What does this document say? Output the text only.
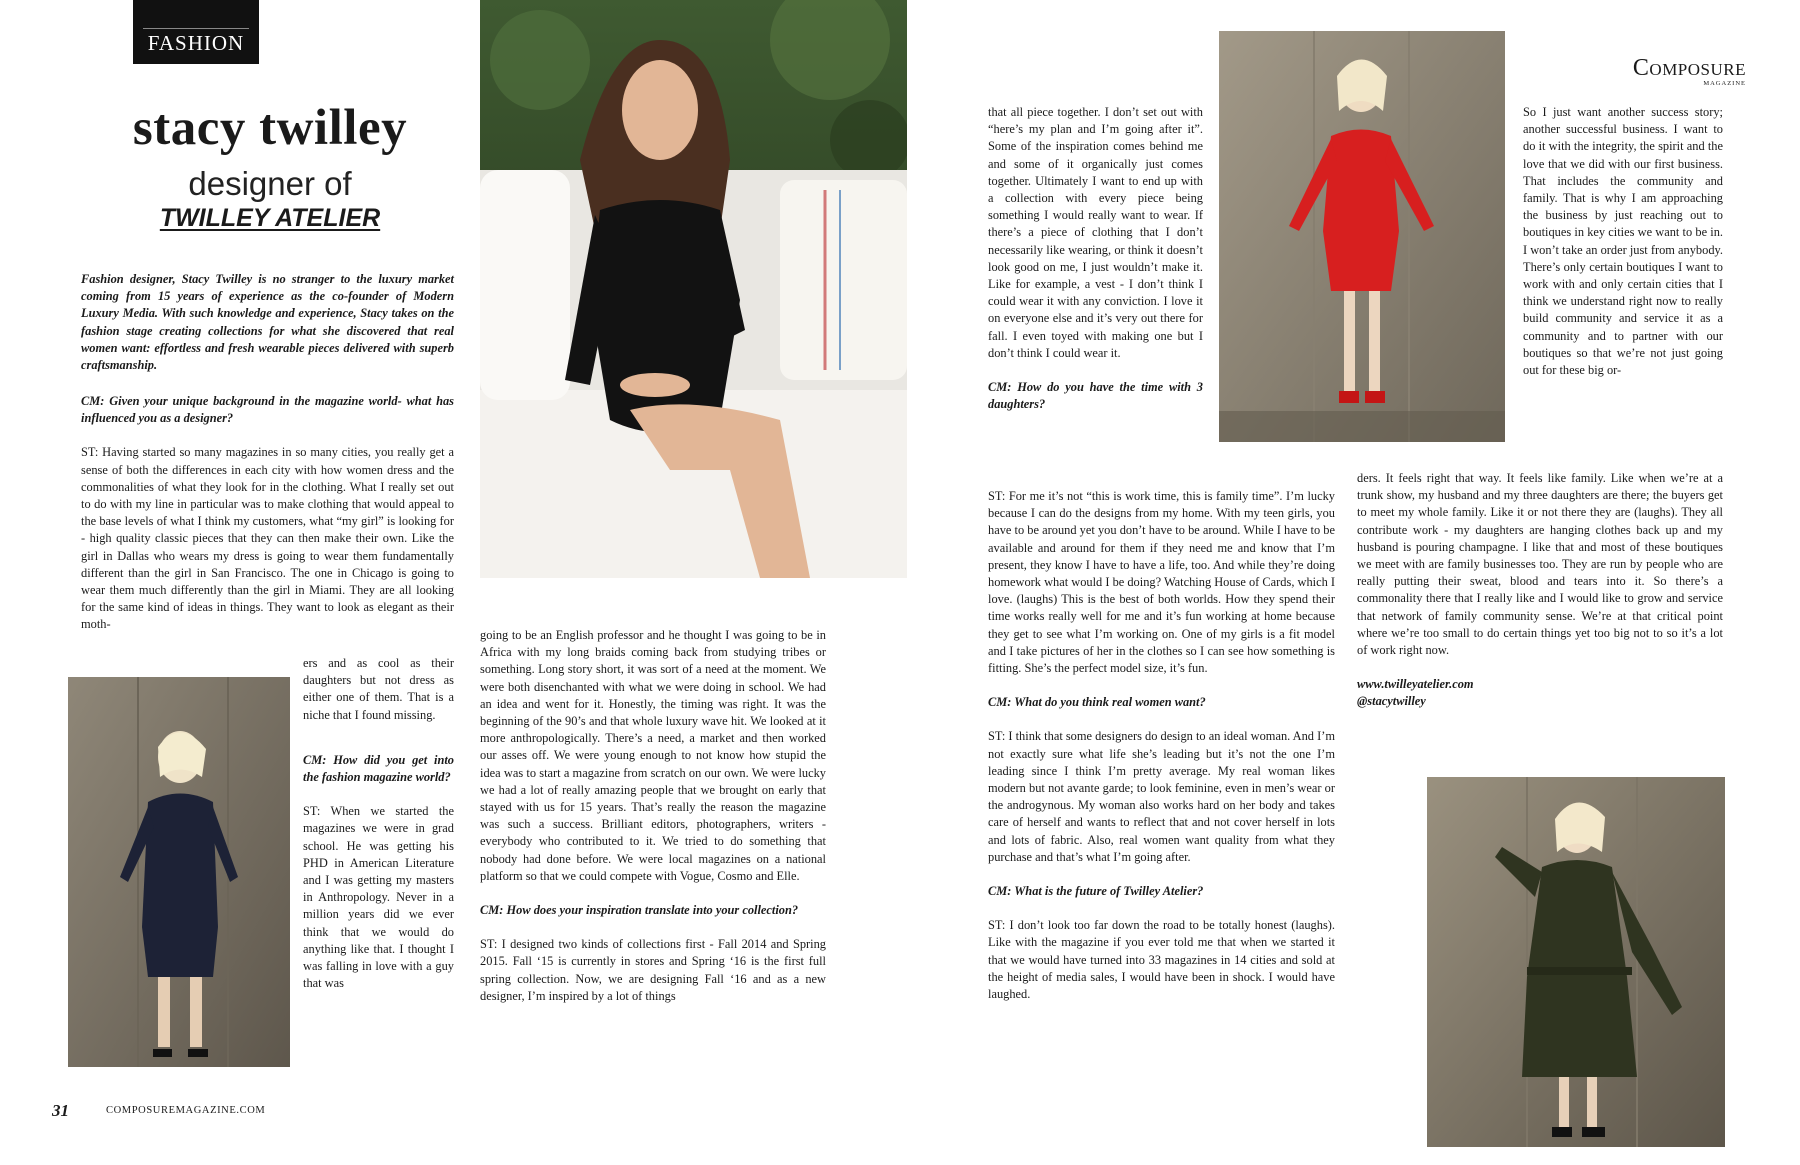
FASHION
stacy twilley
designer of
TWILLEY ATELIER
Fashion designer, Stacy Twilley is no stranger to the luxury market coming from 15 years of experience as the co-founder of Modern Luxury Media. With such knowledge and experience, Stacy takes on the fashion stage creating collections for what she discovered that real women want: effortless and fresh wearable pieces delivered with superb craftsmanship.

CM: Given your unique background in the magazine world- what has influenced you as a designer?

ST: Having started so many magazines in so many cities, you really get a sense of both the differences in each city with how women dress and the commonalities of what they look for in the clothing. What I really set out to do with my line in particular was to make clothing that would appeal to the base levels of what I think my customers, what “my girl” is looking for - high quality classic pieces that they can then make their own. Like the girl in Dallas who wears my dress is going to wear them fundamentally different than the girl in San Francisco. The one in Chicago is going to wear them much differently than the girl in Miami. They are all looking for the same kind of ideas in things. They want to look as elegant as their moth-

ers and as cool as their daughters but not dress as either one of them. That is a niche that I found missing.

CM: How did you get into the fashion magazine world?

ST: When we started the magazines we were in grad school. He was getting his PHD in American Literature and I was getting my masters in Anthropology. Never in a million years did we ever think that we would do anything like that. I thought I was falling in love with a guy that was

going to be an English professor and he thought I was going to be in Africa with my long braids coming back from studying tribes or something. Long story short, it was sort of a need at the moment. We were both disenchanted with what we were doing in school. We had an idea and went for it. Honestly, the timing was right. It was the beginning of the 90’s and that whole luxury wave hit. We looked at it more anthropologically. There’s a need, a market and then worked our asses off. We were young enough to not know how stupid the idea was to start a magazine from scratch on our own. We were lucky we had a lot of really amazing people that we brought on early that stayed with us for 15 years. That’s really the reason the magazine was such a success. Brilliant editors, photographers, writers - everybody who contributed to it. We tried to do something that nobody had done before. We were local magazines on a national platform so that we could compete with Vogue, Cosmo and Elle.

CM: How does your inspiration translate into your collection?

ST: I designed two kinds of collections first - Fall 2014 and Spring 2015. Fall ‘15 is currently in stores and Spring ‘16 is the first full spring collection. Now, we are designing Fall ‘16 and as a new designer, I’m inspired by a lot of things

that all piece together. I don’t set out with “here’s my plan and I’m going after it”. Some of the inspiration comes behind me and some of it organically just comes together. Ultimately I want to end up with a collection with every piece being something I would really want to wear. If there’s a piece of clothing that I don’t necessarily like wearing, or think it doesn’t look good on me, I just wouldn’t make it. Like for example, a vest - I don’t think I could wear it with any conviction. I love it on everyone else and it’s very out there for fall. I even toyed with making one but I don’t think I could wear it.

CM: How do you have the time with 3 daughters?

ST: For me it’s not “this is work time, this is family time”. I’m lucky because I can do the designs from my home. With my teen girls, you have to be around yet you don’t have to be around. While I have to be available and around for them if they need me and know that I’m present, they know I have to have a life, too. And while they’re doing homework what would I be doing? Watching House of Cards, which I love. (laughs) This is the best of both worlds. How they spend their time works really well for me and it’s fun working at home because they get to see what I’m working on. One of my girls is a fit model and I take pictures of her in the clothes so I can see how something is fitting. She’s the perfect model size, it’s fun.

CM: What do you think real women want?

ST: I think that some designers do design to an ideal woman. And I’m not exactly sure what life she’s leading but it’s not the one I’m leading since I think I’m pretty average. My real woman likes modern but not avante garde; to look feminine, even in men’s wear or the androgynous. My woman also works hard on her body and takes care of herself and wants to reflect that and not cover herself in lots and lots of fabric. Also, real women want quality from what they purchase and that’s what I’m going after.

CM: What is the future of Twilley Atelier?

ST: I don’t look too far down the road to be totally honest (laughs). Like with the magazine if you ever told me that when we started it that we would have turned into 33 magazines in 14 cities and sold at the height of media sales, I would have been in shock. I would have laughed.

So I just want another success story; another successful business. I want to do it with the integrity, the spirit and the love that we did with our first business. That includes the community and family. That is why I am approaching the business by just reaching out to boutiques in key cities we want to be in. I won’t take an order just from anybody. There’s only certain boutiques I want to work with and only certain cities that I think we understand right now to really build community and service it as a community and to partner with our boutiques so that we’re not just going out for these big or-

ders. It feels right that way. It feels like family. Like when we’re at a trunk show, my husband and my three daughters are there; the buyers get to meet my whole family. Like it or not there they are (laughs). They all contribute work - my daughters are hanging clothes back up and my husband is pouring champagne. I like that and most of these boutiques we meet with are family businesses too. They are run by people who are really putting their sweat, blood and tears into it. So there’s a commonality there that I really like and I would like to grow and service that network of family community sense. We’re at that critical point where we’re too small to do certain things yet too big not to so it’s a lot of work right now.

www.twilleyatelier.com

@stacytwilley

Composure
MAGAZINE
31	COMPOSUREMAGAZINE.COM
